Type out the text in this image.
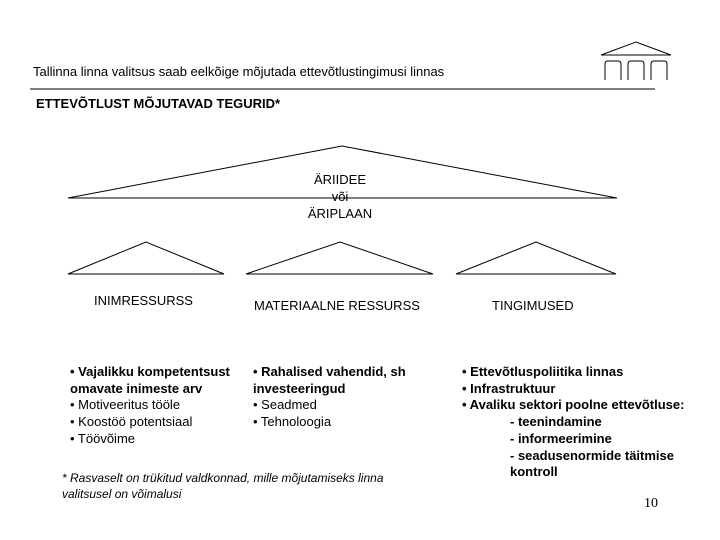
Tallinna linna valitsus saab eelkõige mõjutada ettevõtlustingimusi linnas
ETTEVÕTLUST MÕJUTAVAD TEGURID*
ÄRIIDEE
või
ÄRIPLAAN
INIMRESSURSS	MATERIAALNE RESSURSS	TINGIMUSED
• Vajalikku kompetentsust
omavate inimeste arv
• Motiveeritus tööle
• Koostöö potentsiaal
• Töövõime
• Rahalised vahendid, sh
investeeringud
• Seadmed
• Tehnoloogia
• Ettevõtluspoliitika linnas
• Infrastruktuur
• Avaliku sektori poolne ettevõtluse:
- teenindamine
- informeerimine
- seadusenormide täitmise
kontroll
* Rasvaselt on trükitud valdkonnad, mille mõjutamiseks linna valitsusel on võimalusi
10
